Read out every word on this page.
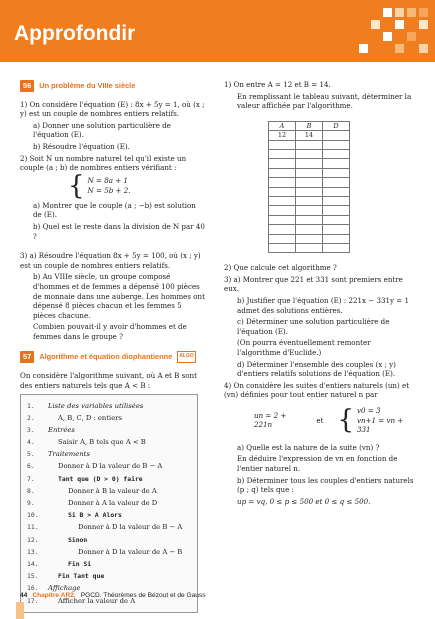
Approfondir
56	Un problème du VIIIe siècle

1) On considère l'équation (E) : 8x + 5y = 1, où (x ; y) est un couple de nombres entiers relatifs.

a) Donner une solution particulière de l'équation (E).

b) Résoudre l'équation (E).

2) Soit N un nombre naturel tel qu'il existe un couple (a ; b) de nombres entiers vérifiant :

{ N = 8a + 1
N = 5b + 2.

a) Montrer que le couple (a ; −b) est solution de (E).

b) Quel est le reste dans la division de N par 40 ?

3) a) Résoudre l'équation 8x + 5y = 100, où (x ; y) est un couple de nombres entiers relatifs.

b) Au VIIIe siècle, un groupe composé d'hommes et de femmes a dépensé 100 pièces de monnaie dans une auberge. Les hommes ont dépensé 8 pièces chacun et les femmes 5 pièces chacune.

Combien pouvait-il y avoir d'hommes et de femmes dans le groupe ?

57	Algorithme et équation diophantienne	ALGO

On considère l'algorithme suivant, où A et B sont des entiers naturels tels que A < B :

1.	Liste des variables utilisées
2.	A, B, C, D : entiers
3.	Entrées
4.	Saisir A, B tels que A < B
5.	Traitements
6.	Donner à D la valeur de B − A
7.	Tant que (D > 0) faire
8.	Donner à B la valeur de A
9.	Donner à A la valeur de D
10.	Si B > A Alors
11.	Donner à D la valeur de B − A
12.	Sinon
13.	Donner à D la valeur de A − B
14.	Fin Si
15.	Fin Tant que
16.	Affichage
17.	Afficher la valeur de A

1) On entre A = 12 et B = 14.

En remplissant le tableau suivant, déterminer la valeur affichée par l'algorithme.

A	B	D
12	14	

2) Que calcule cet algorithme ?

3) a) Montrer que 221 et 331 sont premiers entre eux.

b) Justifier que l'équation (E) : 221x − 331y = 1 admet des solutions entières.

c) Déterminer une solution particulière de l'équation (E).

(On pourra éventuellement remonter l'algorithme d'Euclide.)

d) Déterminer l'ensemble des couples (x ; y) d'entiers relatifs solutions de l'équation (E).

4) On considère les suites d'entiers naturels (un) et (vn) définies pour tout entier naturel n par

un = 2 + 221n
et { v0 = 3
vn+1 = vn + 331

a) Quelle est la nature de la suite (vn) ?

En déduire l'expression de vn en fonction de l'entier naturel n.

b) Déterminer tous les couples d'entiers naturels (p ; q) tels que :

up = vq, 0 ≤ p ≤ 500 et 0 ≤ q ≤ 500.

44 Chapitre AR2. PGCD. Théorèmes de Bézout et de Gauss
